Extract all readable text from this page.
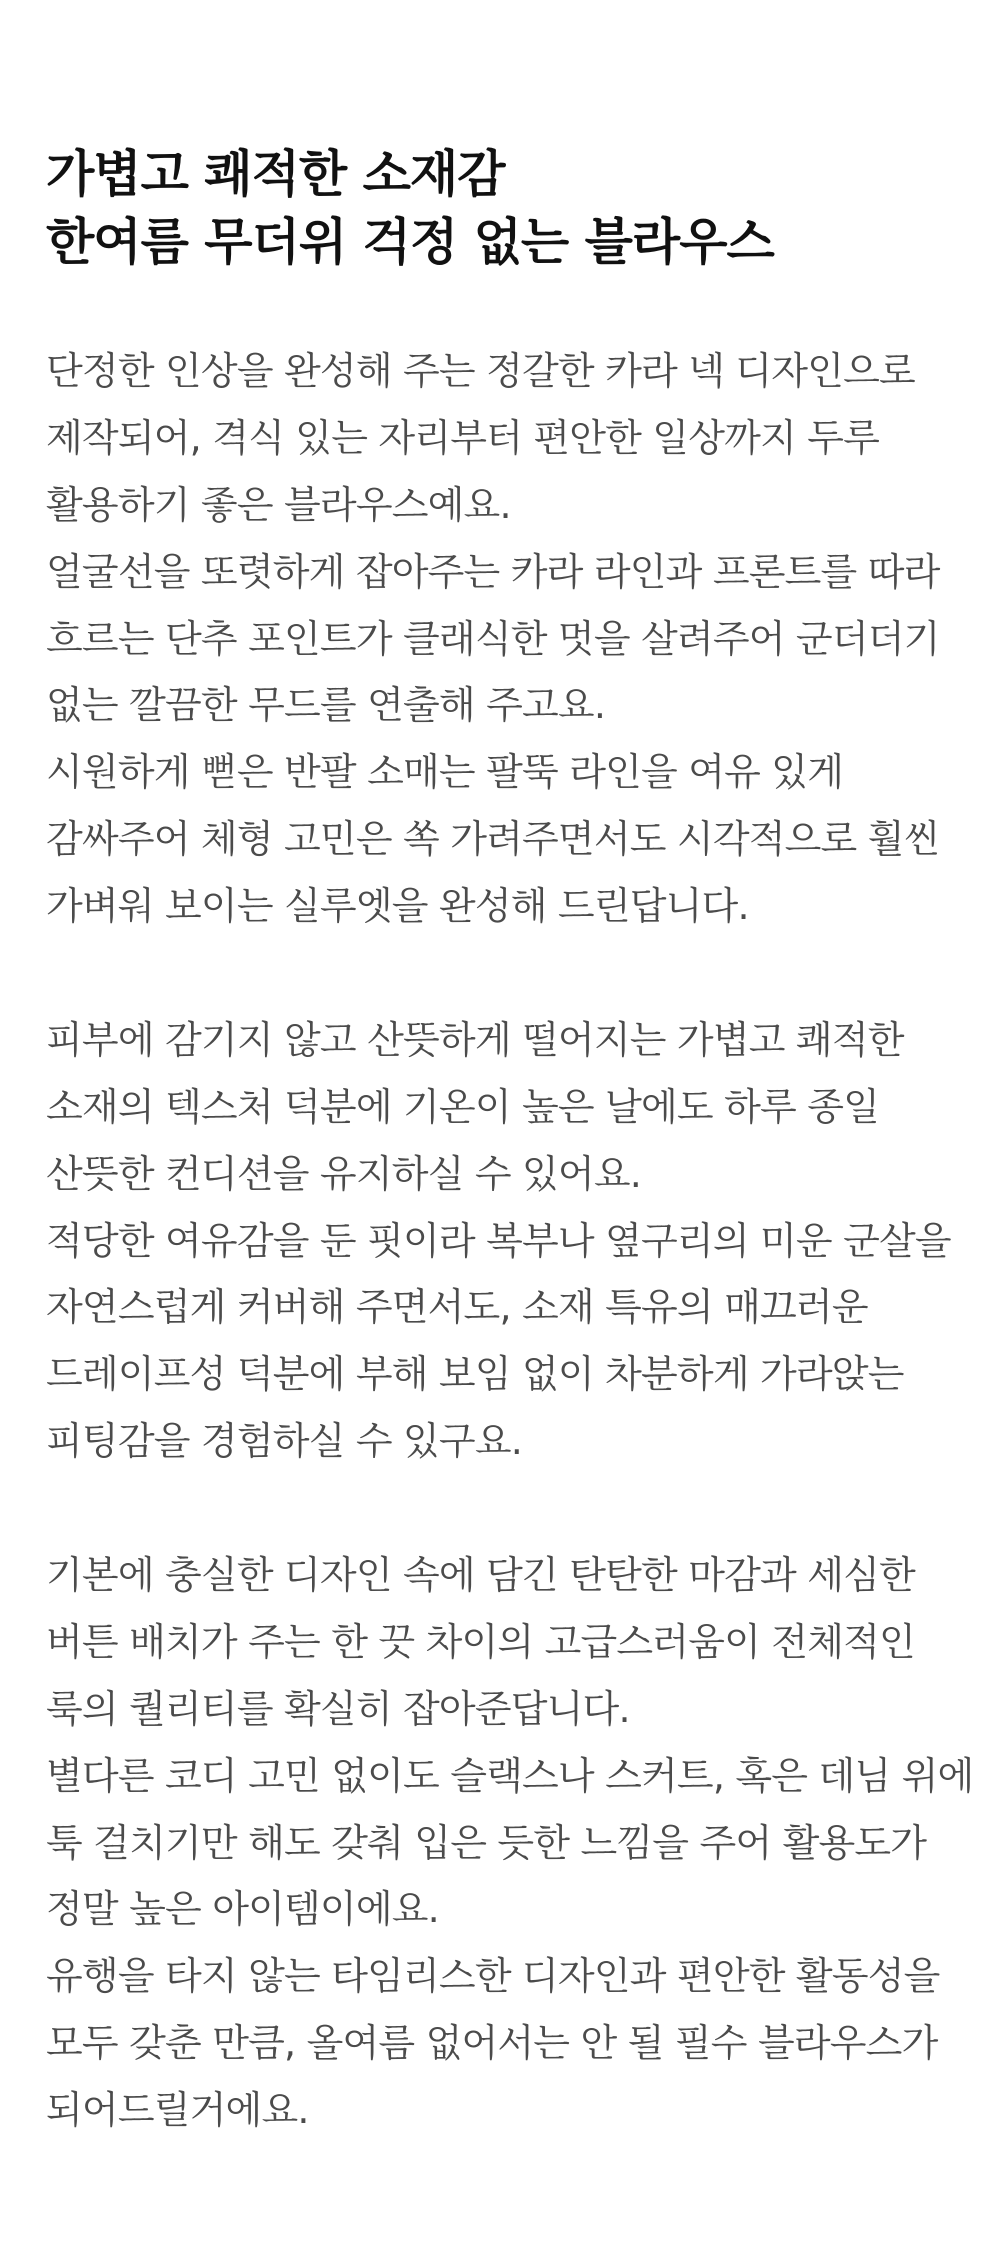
가볍고 쾌적한 소재감
한여름 무더위 걱정 없는 블라우스

단정한 인상을 완성해 주는 정갈한 카라 넥 디자인으로 제작되어, 격식 있는 자리부터 편안한 일상까지 두루 활용하기 좋은 블라우스예요.
얼굴선을 또렷하게 잡아주는 카라 라인과 프론트를 따라 흐르는 단추 포인트가 클래식한 멋을 살려주어 군더더기 없는 깔끔한 무드를 연출해 주고요.
시원하게 뻗은 반팔 소매는 팔뚝 라인을 여유 있게 감싸주어 체형 고민은 쏙 가려주면서도 시각적으로 훨씬 가벼워 보이는 실루엣을 완성해 드린답니다.

피부에 감기지 않고 산뜻하게 떨어지는 가볍고 쾌적한 소재의 텍스처 덕분에 기온이 높은 날에도 하루 종일 산뜻한 컨디션을 유지하실 수 있어요.
적당한 여유감을 둔 핏이라 복부나 옆구리의 미운 군살을 자연스럽게 커버해 주면서도, 소재 특유의 매끄러운 드레이프성 덕분에 부해 보임 없이 차분하게 가라앉는 피팅감을 경험하실 수 있구요.

기본에 충실한 디자인 속에 담긴 탄탄한 마감과 세심한 버튼 배치가 주는 한 끗 차이의 고급스러움이 전체적인 룩의 퀄리티를 확실히 잡아준답니다.
별다른 코디 고민 없이도 슬랙스나 스커트, 혹은 데님 위에 툭 걸치기만 해도 갖춰 입은 듯한 느낌을 주어 활용도가 정말 높은 아이템이에요.
유행을 타지 않는 타임리스한 디자인과 편안한 활동성을 모두 갖춘 만큼, 올여름 없어서는 안 될 필수 블라우스가 되어드릴거에요.
